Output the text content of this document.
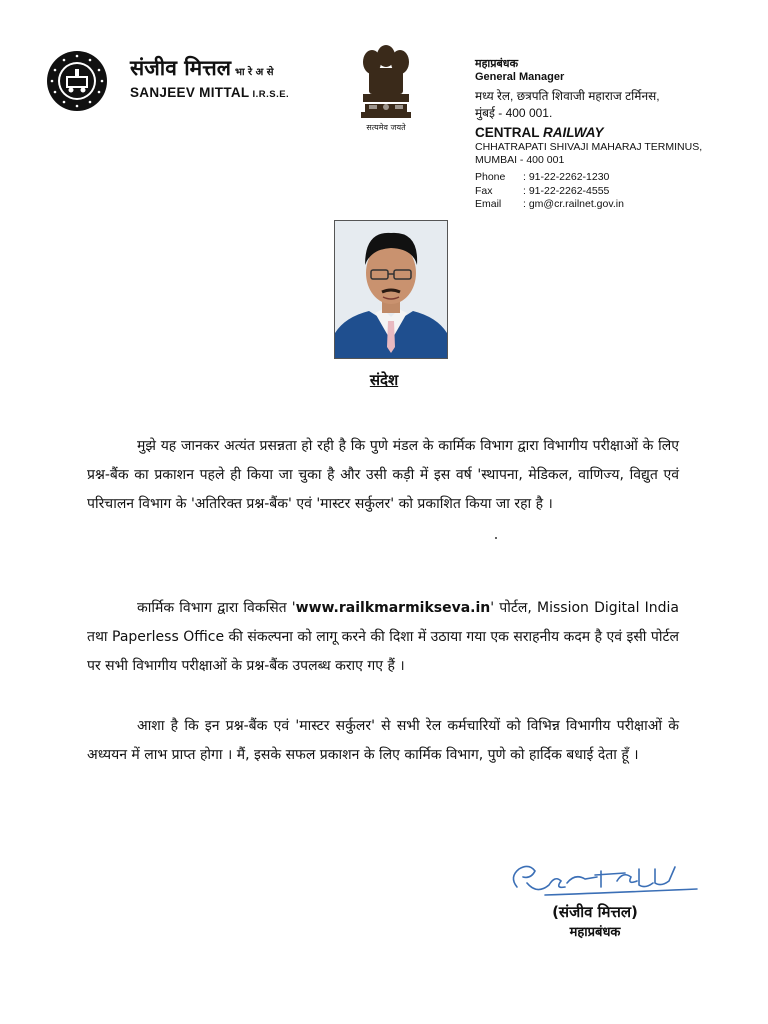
संजीव मित्तल भा रे अ से
SANJEEV MITTAL I.R.S.E.
सत्यमेव जयते
महाप्रबंधक
General Manager
मध्य रेल, छत्रपति शिवाजी महाराज टर्मिनस,
मुंबई - 400 001.
CENTRAL RAILWAY
CHHATRAPATI SHIVAJI MAHARAJ TERMINUS,
MUMBAI - 400 001
Phone	: 91-22-2262-1230
Fax	: 91-22-2262-4555
Email	: gm@cr.railnet.gov.in
संदेश
मुझे यह जानकर अत्यंत प्रसन्नता हो रही है कि पुणे मंडल के कार्मिक विभाग द्वारा विभागीय परीक्षाओं के लिए प्रश्न-बैंक का प्रकाशन पहले ही किया जा चुका है और उसी कड़ी में इस वर्ष 'स्थापना, मेडिकल, वाणिज्य, विद्युत एवं परिचालन विभाग के 'अतिरिक्त प्रश्न-बैंक' एवं 'मास्टर सर्कुलर' को प्रकाशित किया जा रहा है ।
कार्मिक विभाग द्वारा विकसित 'www.railkmarmikseva.in' पोर्टल, Mission Digital India तथा Paperless Office की संकल्पना को लागू करने की दिशा में उठाया गया एक सराहनीय कदम है एवं इसी पोर्टल पर सभी विभागीय परीक्षाओं के प्रश्न-बैंक उपलब्ध कराए गए हैं ।
आशा है कि इन प्रश्न-बैंक एवं 'मास्टर सर्कुलर' से सभी रेल कर्मचारियों को विभिन्न विभागीय परीक्षाओं के अध्ययन में लाभ प्राप्त होगा । मैं, इसके सफल प्रकाशन के लिए कार्मिक विभाग, पुणे को हार्दिक बधाई देता हूँ ।
(संजीव मित्तल)
महाप्रबंधक
